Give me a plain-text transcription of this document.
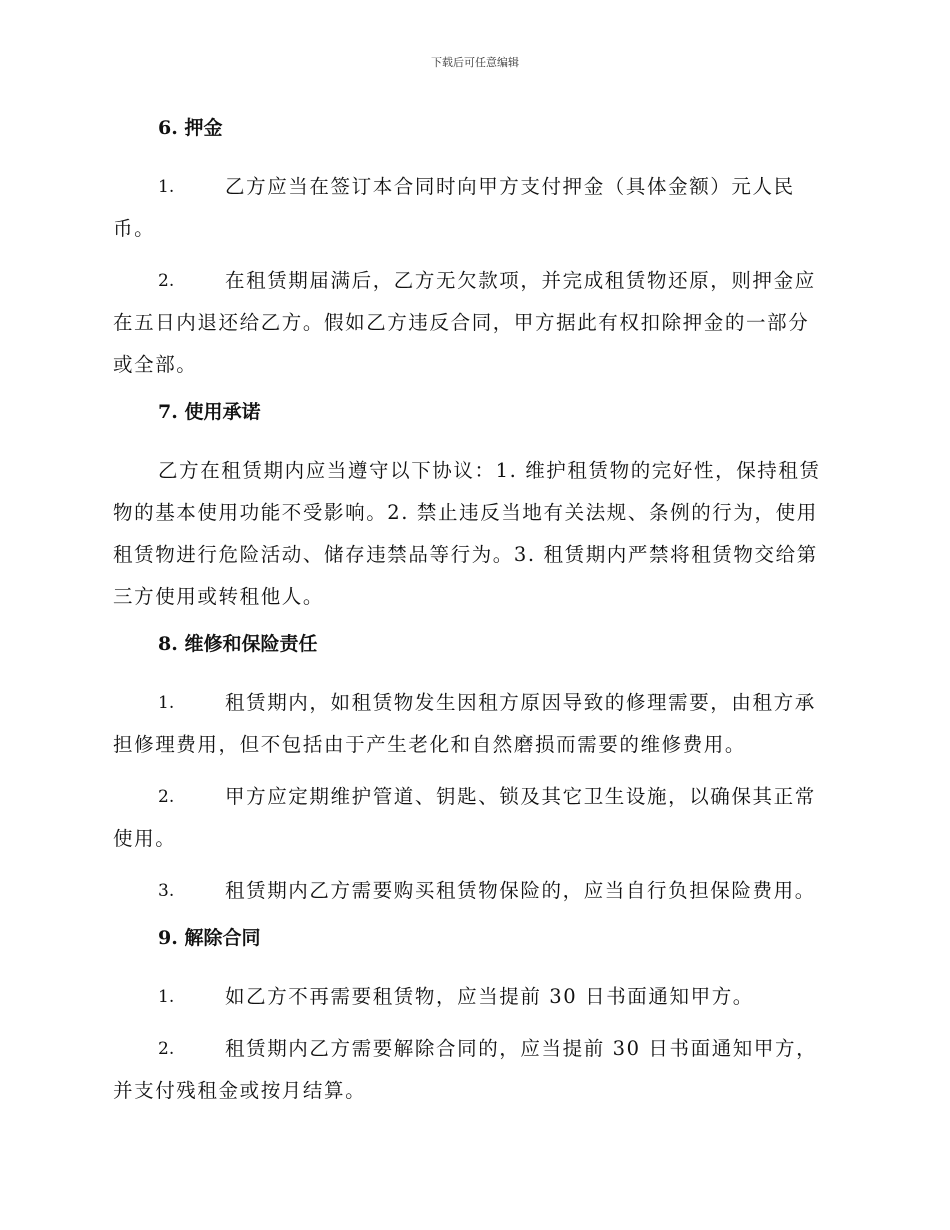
下载后可任意编辑
6. 押金
1.	乙方应当在签订本合同时向甲方支付押金（具体金额）元人民

币。

2.	在租赁期届满后，乙方无欠款项，并完成租赁物还原，则押金应

在五日内退还给乙方。假如乙方违反合同，甲方据此有权扣除押金的一部分

或全部。

7. 使用承诺

乙方在租赁期内应当遵守以下协议：1. 维护租赁物的完好性，保持租赁

物的基本使用功能不受影响。2. 禁止违反当地有关法规、条例的行为，使用

租赁物进行危险活动、储存违禁品等行为。3. 租赁期内严禁将租赁物交给第

三方使用或转租他人。

8. 维修和保险责任
1.	租赁期内，如租赁物发生因租方原因导致的修理需要，由租方承

担修理费用，但不包括由于产生老化和自然磨损而需要的维修费用。

2.	甲方应定期维护管道、钥匙、锁及其它卫生设施，以确保其正常

使用。

3.	租赁期内乙方需要购买租赁物保险的，应当自行负担保险费用。

9. 解除合同
1.	如乙方不再需要租赁物，应当提前 30 日书面通知甲方。

2.	租赁期内乙方需要解除合同的，应当提前 30 日书面通知甲方，

并支付残租金或按月结算。
